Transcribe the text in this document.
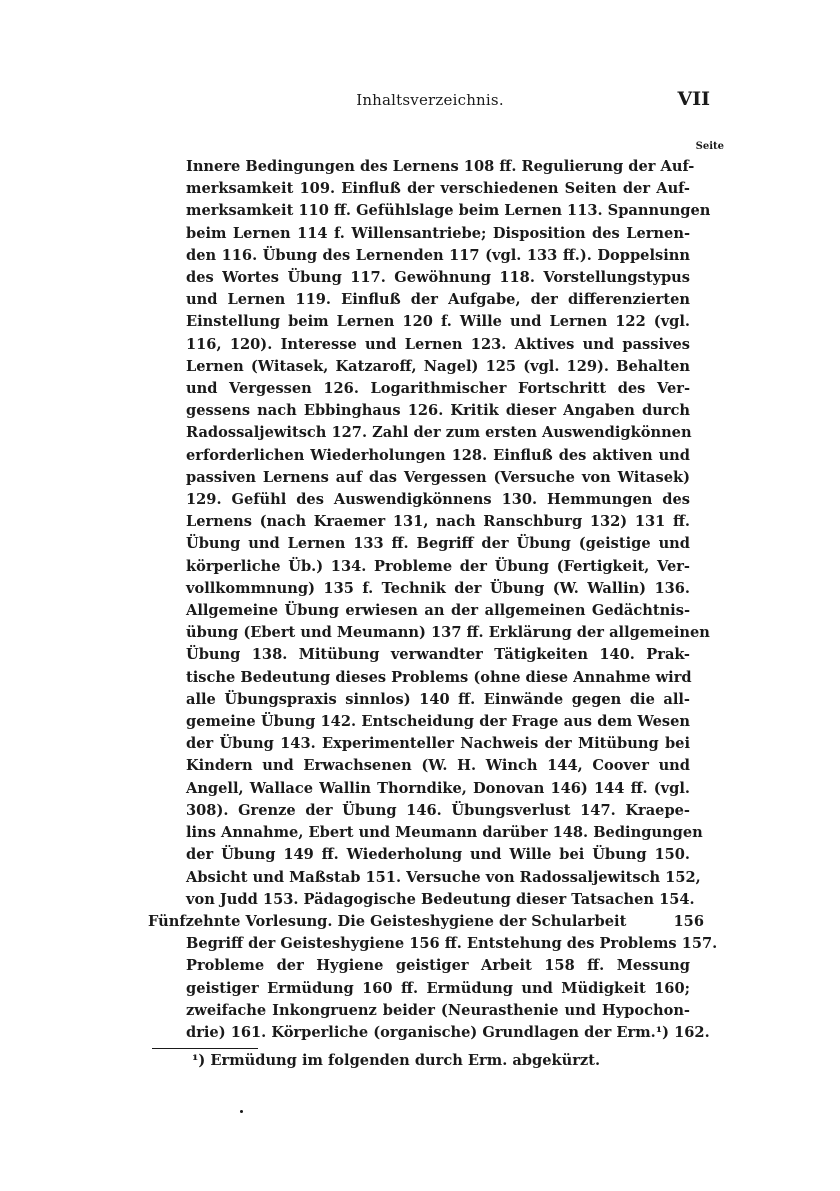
Inhaltsverzeichnis.	VII
Seite
Innere Bedingungen des Lernens 108 ff. Regulierung der Auf-
merksamkeit 109. Einfluß der verschiedenen Seiten der Auf-
merksamkeit 110 ff. Gefühlslage beim Lernen 113. Spannungen
beim Lernen 114 f. Willensantriebe; Disposition des Lernen-
den 116. Übung des Lernenden 117 (vgl. 133 ff.). Doppelsinn
des Wortes Übung 117. Gewöhnung 118. Vorstellungstypus
und Lernen 119. Einfluß der Aufgabe, der differenzierten
Einstellung beim Lernen 120 f. Wille und Lernen 122 (vgl.
116, 120). Interesse und Lernen 123. Aktives und passives
Lernen (Witasek, Katzaroff, Nagel) 125 (vgl. 129). Behalten
und Vergessen 126. Logarithmischer Fortschritt des Ver-
gessens nach Ebbinghaus 126. Kritik dieser Angaben durch
Radossaljewitsch 127. Zahl der zum ersten Auswendigkönnen
erforderlichen Wiederholungen 128. Einfluß des aktiven und
passiven Lernens auf das Vergessen (Versuche von Witasek)
129. Gefühl des Auswendigkönnens 130. Hemmungen des
Lernens (nach Kraemer 131, nach Ranschburg 132) 131 ff.
Übung und Lernen 133 ff. Begriff der Übung (geistige und
körperliche Üb.) 134. Probleme der Übung (Fertigkeit, Ver-
vollkommnung) 135 f. Technik der Übung (W. Wallin) 136.
Allgemeine Übung erwiesen an der allgemeinen Gedächtnis-
übung (Ebert und Meumann) 137 ff. Erklärung der allgemeinen
Übung 138. Mitübung verwandter Tätigkeiten 140. Prak-
tische Bedeutung dieses Problems (ohne diese Annahme wird
alle Übungspraxis sinnlos) 140 ff. Einwände gegen die all-
gemeine Übung 142. Entscheidung der Frage aus dem Wesen
der Übung 143. Experimenteller Nachweis der Mitübung bei
Kindern und Erwachsenen (W. H. Winch 144, Coover und
Angell, Wallace Wallin Thorndike, Donovan 146) 144 ff. (vgl.
308). Grenze der Übung 146. Übungsverlust 147. Kraepe-
lins Annahme, Ebert und Meumann darüber 148. Bedingungen
der Übung 149 ff. Wiederholung und Wille bei Übung 150.
Absicht und Maßstab 151. Versuche von Radossaljewitsch 152,
von Judd 153. Pädagogische Bedeutung dieser Tatsachen 154.
Fünfzehnte Vorlesung. Die Geisteshygiene der Schularbeit	156
Begriff der Geisteshygiene 156 ff. Entstehung des Problems 157.
Probleme der Hygiene geistiger Arbeit 158 ff. Messung
geistiger Ermüdung 160 ff. Ermüdung und Müdigkeit 160;
zweifache Inkongruenz beider (Neurasthenie und Hypochon-
drie) 161. Körperliche (organische) Grundlagen der Erm.¹) 162.
¹) Ermüdung im folgenden durch Erm. abgekürzt.
